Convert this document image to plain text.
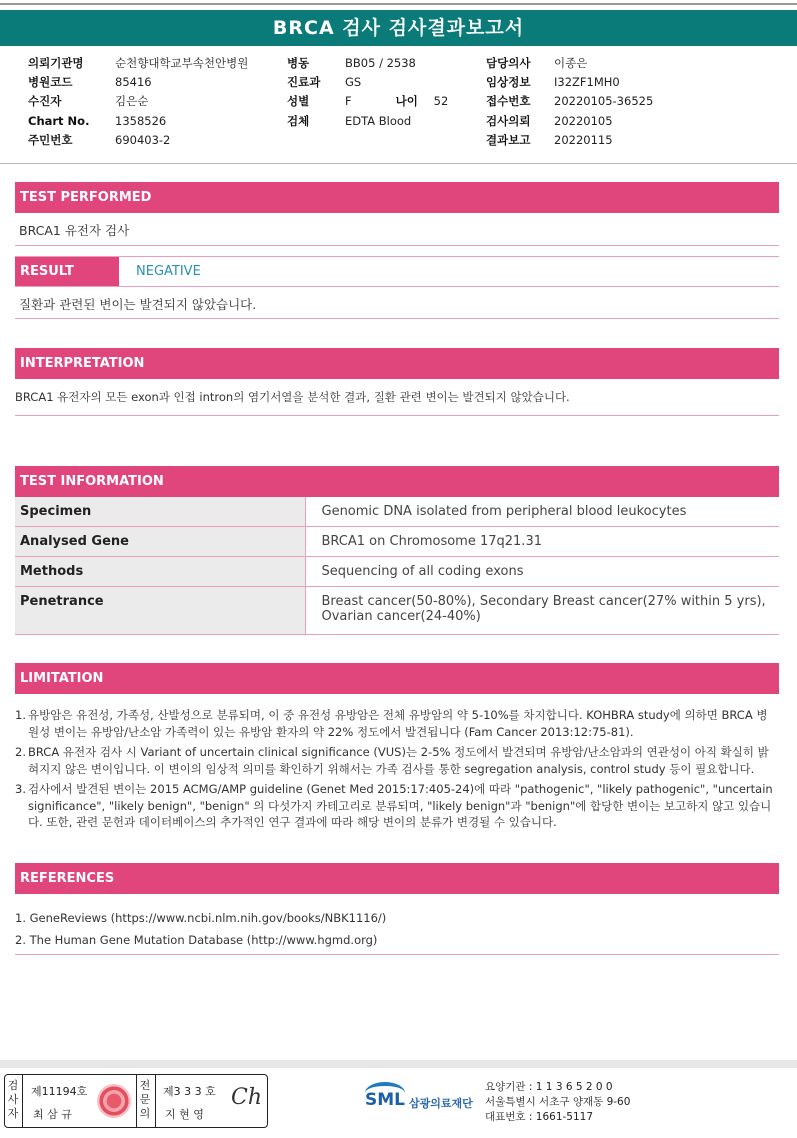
BRCA 검사 검사결과보고서
의뢰기관명	순천향대학교부속천안병원
병원코드	85416
수진자	김은순
Chart No.	1358526
주민번호	690403-2
병동	BB05 / 2538
진료과	GS
성별	F	나이	52
검체	EDTA Blood
담당의사	이종은
임상정보	I32ZF1MH0
접수번호	20220105-36525
검사의뢰	20220105
결과보고	20220115
TEST PERFORMED
BRCA1 유전자 검사
RESULT	NEGATIVE
질환과 관련된 변이는 발견되지 않았습니다.
INTERPRETATION
BRCA1 유전자의 모든 exon과 인접 intron의 염기서열을 분석한 결과, 질환 관련 변이는 발견되지 않았습니다.
TEST INFORMATION
Specimen	Genomic DNA isolated from peripheral blood leukocytes
Analysed Gene	BRCA1 on Chromosome 17q21.31
Methods	Sequencing of all coding exons
Penetrance	Breast cancer(50-80%), Secondary Breast cancer(27% within 5 yrs), Ovarian cancer(24-40%)
LIMITATION
1. 유방암은 유전성, 가족성, 산발성으로 분류되며, 이 중 유전성 유방암은 전체 유방암의 약 5-10%를 차지합니다. KOHBRA study에 의하면 BRCA 병원성 변이는 유방암/난소암 가족력이 있는 유방암 환자의 약 22% 정도에서 발견됩니다 (Fam Cancer 2013:12:75-81).
2. BRCA 유전자 검사 시 Variant of uncertain clinical significance (VUS)는 2-5% 정도에서 발견되며 유방암/난소암과의 연관성이 아직 확실히 밝혀지지 않은 변이입니다. 이 변이의 임상적 의미를 확인하기 위해서는 가족 검사를 통한 segregation analysis, control study 등이 필요합니다.
3. 검사에서 발견된 변이는 2015 ACMG/AMP guideline (Genet Med 2015:17:405-24)에 따라 "pathogenic", "likely pathogenic", "uncertain significance", "likely benign", "benign" 의 다섯가지 카테고리로 분류되며, "likely benign"과 "benign"에 합당한 변이는 보고하지 않고 있습니다. 또한, 관련 문헌과 데이터베이스의 추가적인 연구 결과에 따라 해당 변이의 분류가 변경될 수 있습니다.
REFERENCES
1. GeneReviews (https://www.ncbi.nlm.nih.gov/books/NBK1116/)
2. The Human Gene Mutation Database (http://www.hgmd.org)
검
사
자
제11194호
최 삼 규
전
문
의
제3 3 3 호
지 현 영
Ch	SML 삼광의료재단
요양기관 : 1 1 3 6 5 2 0 0
서울특별시 서초구 양재동 9-60
대표번호 : 1661-5117
